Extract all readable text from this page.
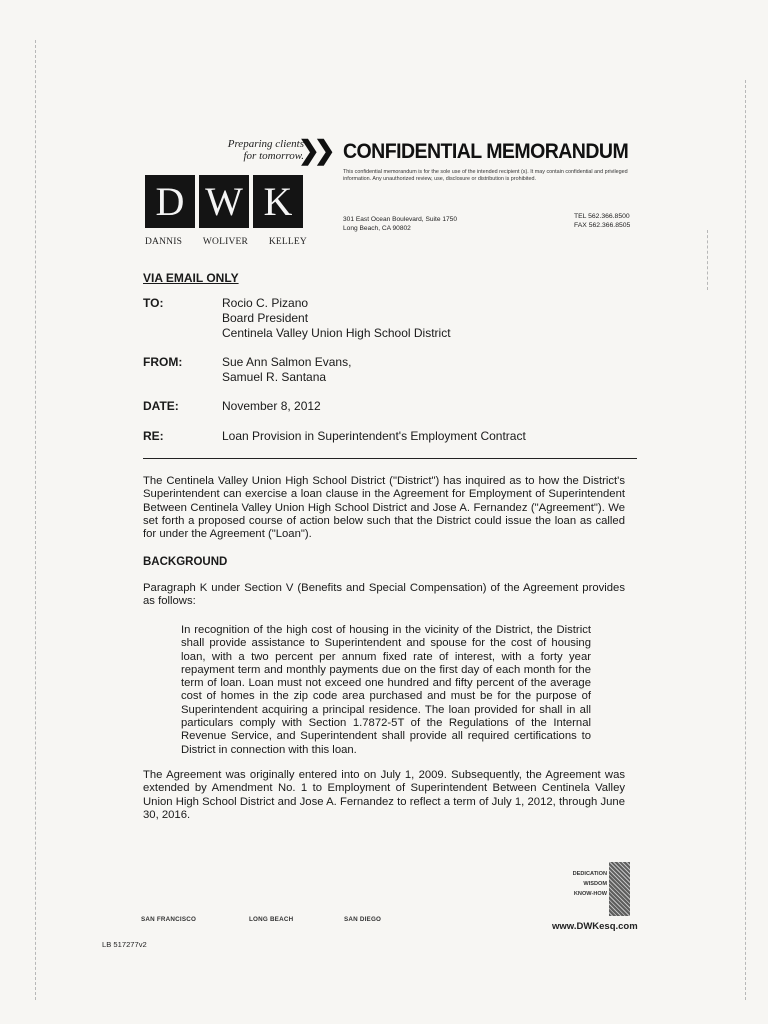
Preparing clients
for tomorrow.
❯❯
D W K
DANNIS WOLIVER KELLEY
CONFIDENTIAL MEMORANDUM
This confidential memorandum is for the sole use of the intended recipient (s). It may contain confidential and privileged information. Any unauthorized review, use, disclosure or distribution is prohibited.
301 East Ocean Boulevard, Suite 1750
Long Beach, CA 90802
TEL 562.366.8500
FAX 562.366.8505
VIA EMAIL ONLY
TO:	Rocio C. Pizano
Board President
Centinela Valley Union High School District
FROM:	Sue Ann Salmon Evans,
Samuel R. Santana
DATE:	November 8, 2012
RE:	Loan Provision in Superintendent's Employment Contract
The Centinela Valley Union High School District ("District") has inquired as to how the District's Superintendent can exercise a loan clause in the Agreement for Employment of Superintendent Between Centinela Valley Union High School District and Jose A. Fernandez ("Agreement"). We set forth a proposed course of action below such that the District could issue the loan as called for under the Agreement ("Loan").
BACKGROUND
Paragraph K under Section V (Benefits and Special Compensation) of the Agreement provides as follows:
In recognition of the high cost of housing in the vicinity of the District, the District shall provide assistance to Superintendent and spouse for the cost of housing loan, with a two percent per annum fixed rate of interest, with a forty year repayment term and monthly payments due on the first day of each month for the term of loan. Loan must not exceed one hundred and fifty percent of the average cost of homes in the zip code area purchased and must be for the purpose of Superintendent acquiring a principal residence. The loan provided for shall in all particulars comply with Section 1.7872-5T of the Regulations of the Internal Revenue Service, and Superintendent shall provide all required certifications to District in connection with this loan.
The Agreement was originally entered into on July 1, 2009. Subsequently, the Agreement was extended by Amendment No. 1 to Employment of Superintendent Between Centinela Valley Union High School District and Jose A. Fernandez to reflect a term of July 1, 2012, through June 30, 2016.
SAN FRANCISCO	LONG BEACH	SAN DIEGO
LB 517277v2
DEDICATION
WISDOM
KNOW-HOW
www.DWKesq.com
